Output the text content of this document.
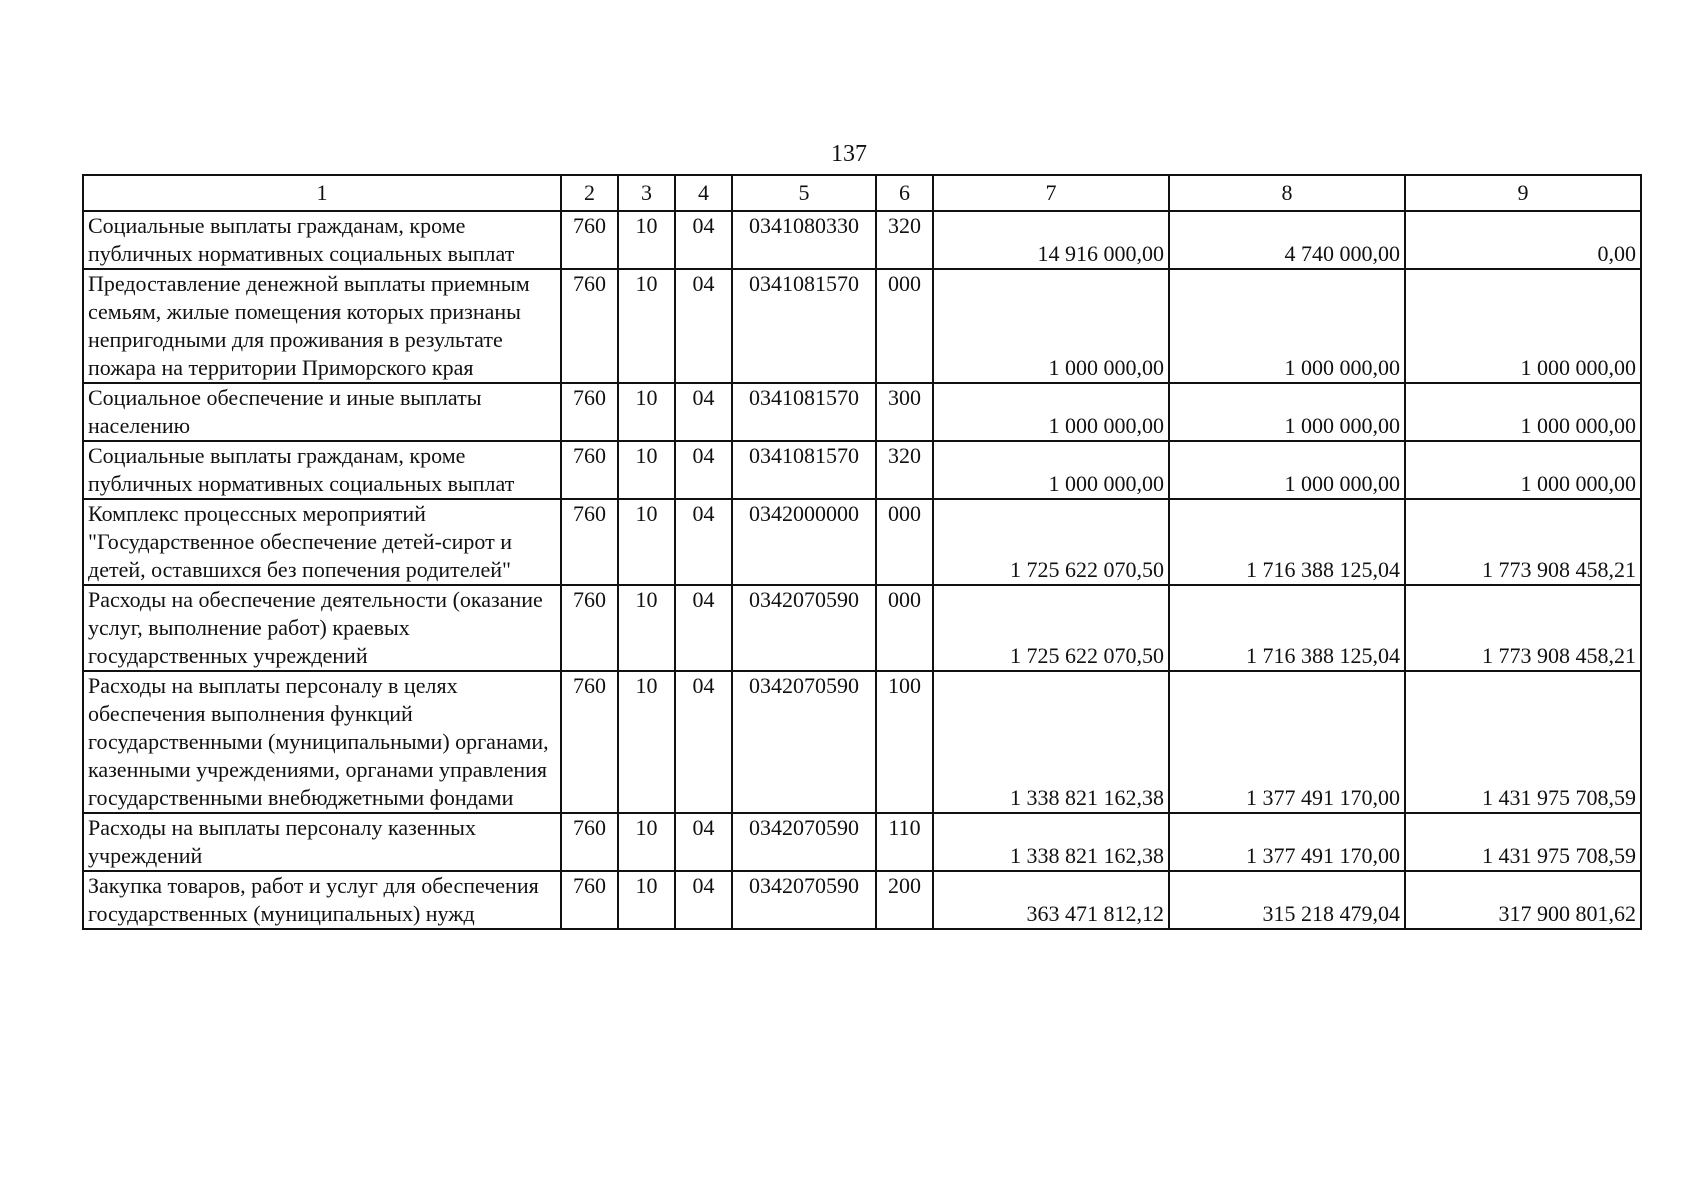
137
1	2	3	4	5	6	7	8	9
Социальные выплаты гражданам, кроме публичных нормативных социальных выплат	760	10	04	0341080330	320	14 916 000,00	4 740 000,00	0,00
Предоставление денежной выплаты приемным семьям, жилые помещения которых признаны непригодными для проживания в результате пожара на территории Приморского края	760	10	04	0341081570	000	1 000 000,00	1 000 000,00	1 000 000,00
Социальное обеспечение и иные выплаты населению	760	10	04	0341081570	300	1 000 000,00	1 000 000,00	1 000 000,00
Социальные выплаты гражданам, кроме публичных нормативных социальных выплат	760	10	04	0341081570	320	1 000 000,00	1 000 000,00	1 000 000,00
Комплекс процессных мероприятий "Государственное обеспечение детей-сирот и детей, оставшихся без попечения родителей"	760	10	04	0342000000	000	1 725 622 070,50	1 716 388 125,04	1 773 908 458,21
Расходы на обеспечение деятельности (оказание услуг, выполнение работ) краевых государственных учреждений	760	10	04	0342070590	000	1 725 622 070,50	1 716 388 125,04	1 773 908 458,21
Расходы на выплаты персоналу в целях обеспечения выполнения функций государственными (муниципальными) органами, казенными учреждениями, органами управления государственными внебюджетными фондами	760	10	04	0342070590	100	1 338 821 162,38	1 377 491 170,00	1 431 975 708,59
Расходы на выплаты персоналу казенных учреждений	760	10	04	0342070590	110	1 338 821 162,38	1 377 491 170,00	1 431 975 708,59
Закупка товаров, работ и услуг для обеспечения государственных (муниципальных) нужд	760	10	04	0342070590	200	363 471 812,12	315 218 479,04	317 900 801,62
